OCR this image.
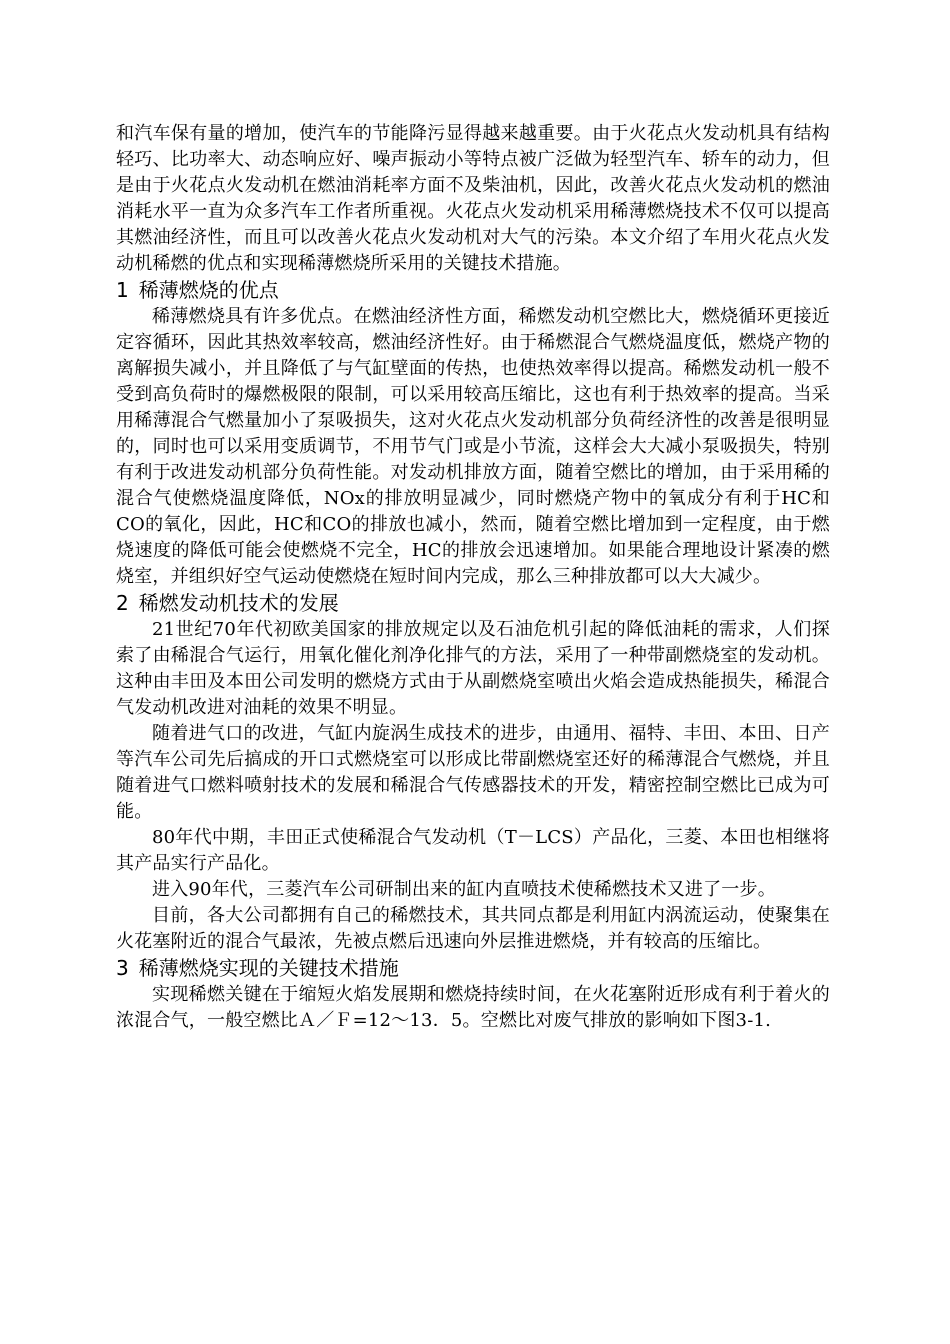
和汽车保有量的增加，使汽车的节能降污显得越来越重要。由于火花点火发动机具有结构轻巧、比功率大、动态响应好、噪声振动小等特点被广泛做为轻型汽车、轿车的动力，但是由于火花点火发动机在燃油消耗率方面不及柴油机，因此，改善火花点火发动机的燃油消耗水平一直为众多汽车工作者所重视。火花点火发动机采用稀薄燃烧技术不仅可以提高其燃油经济性，而且可以改善火花点火发动机对大气的污染。本文介绍了车用火花点火发动机稀燃的优点和实现稀薄燃烧所采用的关键技术措施。

1 稀薄燃烧的优点

稀薄燃烧具有许多优点。在燃油经济性方面，稀燃发动机空燃比大，燃烧循环更接近定容循环，因此其热效率较高，燃油经济性好。由于稀燃混合气燃烧温度低，燃烧产物的离解损失减小，并且降低了与气缸壁面的传热，也使热效率得以提高。稀燃发动机一般不受到高负荷时的爆燃极限的限制，可以采用较高压缩比，这也有利于热效率的提高。当采用稀薄混合气燃量加小了泵吸损失，这对火花点火发动机部分负荷经济性的改善是很明显的，同时也可以采用变质调节，不用节气门或是小节流，这样会大大减小泵吸损失，特别有利于改进发动机部分负荷性能。对发动机排放方面，随着空燃比的增加，由于采用稀的混合气使燃烧温度降低，NOx的排放明显减少，同时燃烧产物中的氧成分有利于HC和CO的氧化，因此，HC和CO的排放也减小，然而，随着空燃比增加到一定程度，由于燃烧速度的降低可能会使燃烧不完全，HC的排放会迅速增加。如果能合理地设计紧凑的燃烧室，并组织好空气运动使燃烧在短时间内完成，那么三种排放都可以大大减少。

2 稀燃发动机技术的发展

21世纪70年代初欧美国家的排放规定以及石油危机引起的降低油耗的需求，人们探索了由稀混合气运行，用氧化催化剂净化排气的方法，采用了一种带副燃烧室的发动机。这种由丰田及本田公司发明的燃烧方式由于从副燃烧室喷出火焰会造成热能损失，稀混合气发动机改进对油耗的效果不明显。

随着进气口的改进，气缸内旋涡生成技术的进步，由通用、福特、丰田、本田、日产等汽车公司先后搞成的开口式燃烧室可以形成比带副燃烧室还好的稀薄混合气燃烧，并且随着进气口燃料喷射技术的发展和稀混合气传感器技术的开发，精密控制空燃比已成为可能。

80年代中期，丰田正式使稀混合气发动机（T－LCS）产品化，三菱、本田也相继将其产品实行产品化。

进入90年代，三菱汽车公司研制出来的缸内直喷技术使稀燃技术又进了一步。

目前，各大公司都拥有自己的稀燃技术，其共同点都是利用缸内涡流运动，使聚集在火花塞附近的混合气最浓，先被点燃后迅速向外层推进燃烧，并有较高的压缩比。

3 稀薄燃烧实现的关键技术措施

实现稀燃关键在于缩短火焰发展期和燃烧持续时间，在火花塞附近形成有利于着火的浓混合气，一般空燃比Ａ／Ｆ=12～13．5。空燃比对废气排放的影响如下图3-1.
